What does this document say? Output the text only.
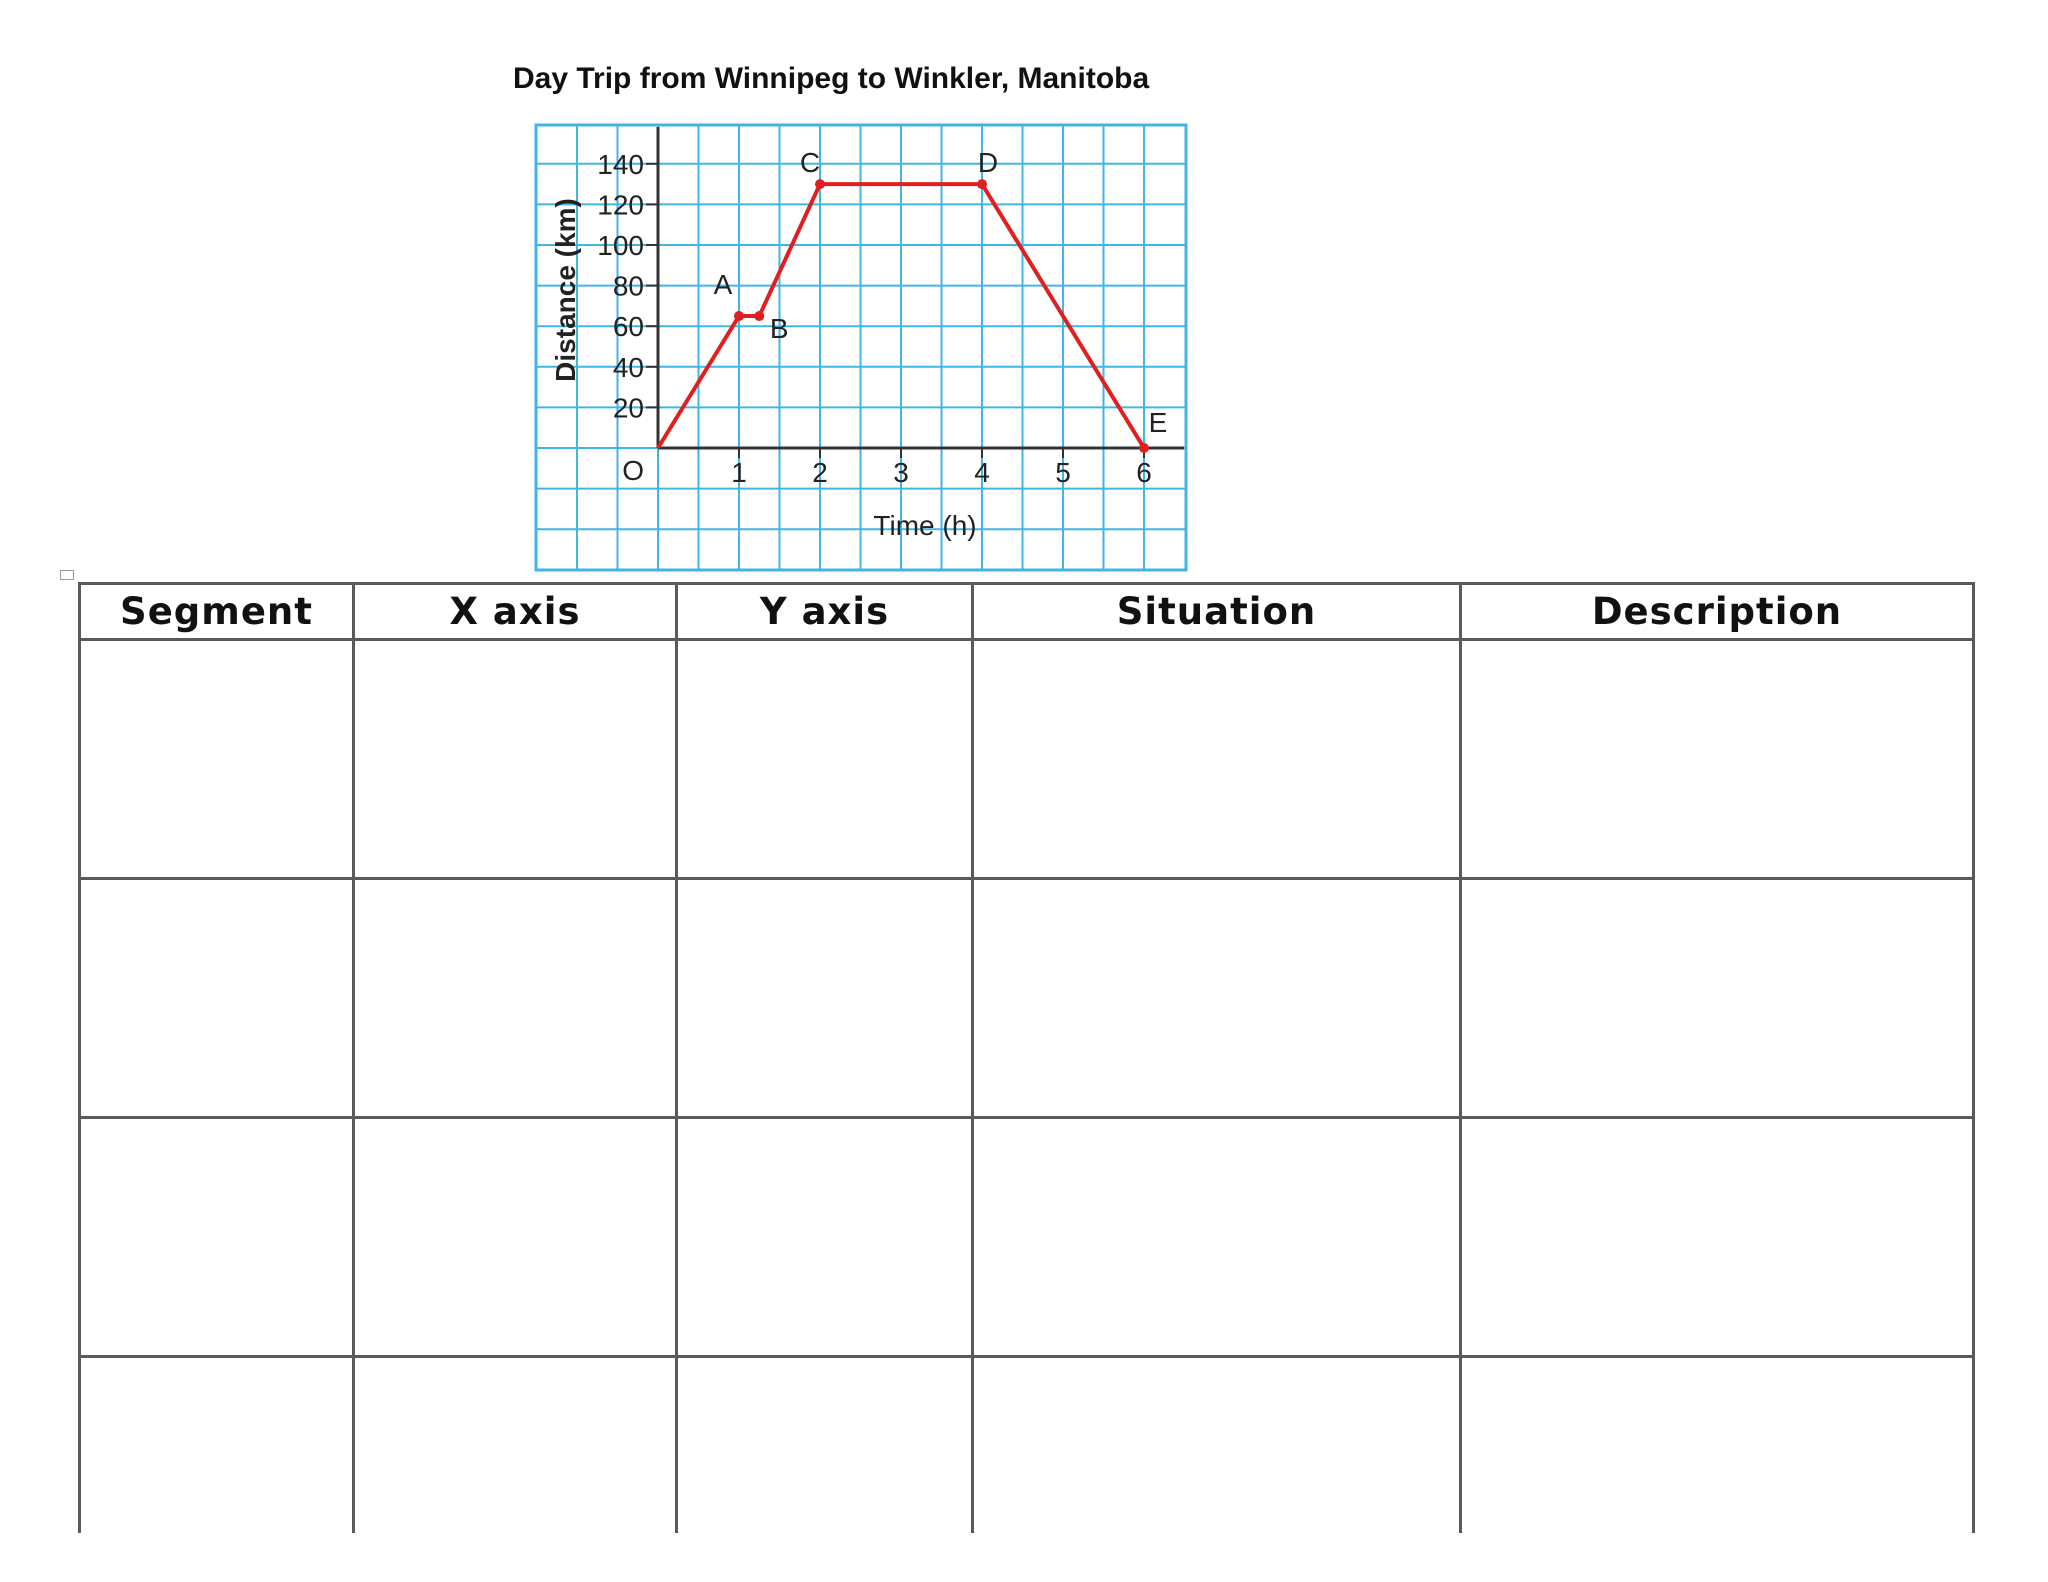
Day Trip from Winnipeg to Winkler, Manitoba
20
40
60
80
100
120
140
1 2 3 4 5 6
O
Time (h)
Distance (km)	A
B
C	D
E
Segment	X axis	Y axis	Situation	Description
